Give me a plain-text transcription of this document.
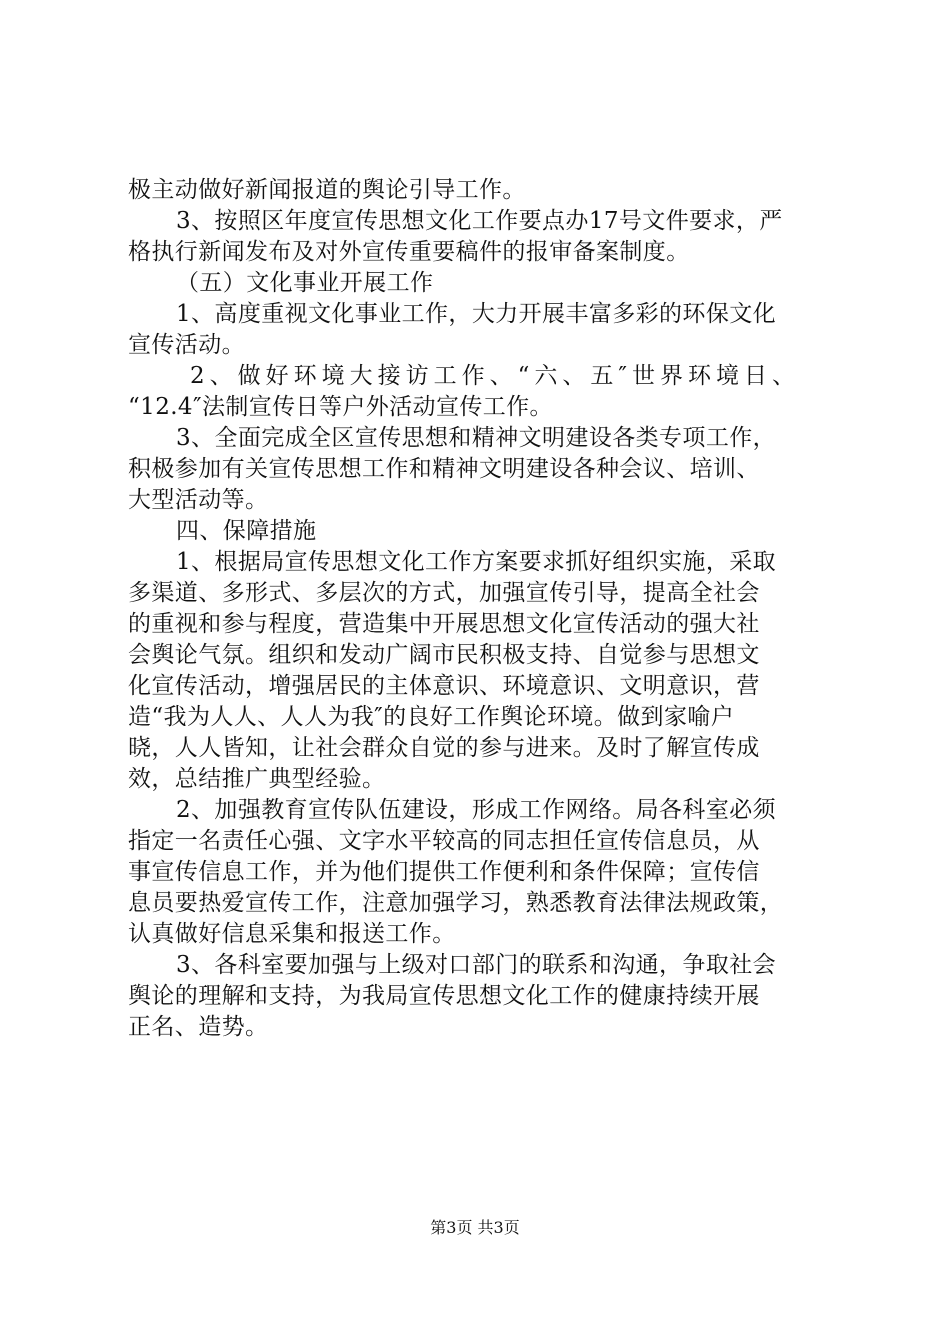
极主动做好新闻报道的舆论引导工作。
3、按照区年度宣传思想文化工作要点办17号文件要求，严
格执行新闻发布及对外宣传重要稿件的报审备案制度。
（五）文化事业开展工作
1、高度重视文化事业工作，大力开展丰富多彩的环保文化
宣传活动。
2、做好环境大接访工作、“六、五″世界环境日、
“12.4″法制宣传日等户外活动宣传工作。
3、全面完成全区宣传思想和精神文明建设各类专项工作，
积极参加有关宣传思想工作和精神文明建设各种会议、培训、
大型活动等。
四、保障措施
1、根据局宣传思想文化工作方案要求抓好组织实施，采取
多渠道、多形式、多层次的方式，加强宣传引导，提高全社会
的重视和参与程度，营造集中开展思想文化宣传活动的强大社
会舆论气氛。组织和发动广阔市民积极支持、自觉参与思想文
化宣传活动，增强居民的主体意识、环境意识、文明意识，营
造“我为人人、人人为我″的良好工作舆论环境。做到家喻户
晓，人人皆知，让社会群众自觉的参与进来。及时了解宣传成
效，总结推广典型经验。
2、加强教育宣传队伍建设，形成工作网络。局各科室必须
指定一名责任心强、文字水平较高的同志担任宣传信息员，从
事宣传信息工作，并为他们提供工作便利和条件保障；宣传信
息员要热爱宣传工作，注意加强学习，熟悉教育法律法规政策，
认真做好信息采集和报送工作。
3、各科室要加强与上级对口部门的联系和沟通，争取社会
舆论的理解和支持，为我局宣传思想文化工作的健康持续开展
正名、造势。
第3页 共3页
